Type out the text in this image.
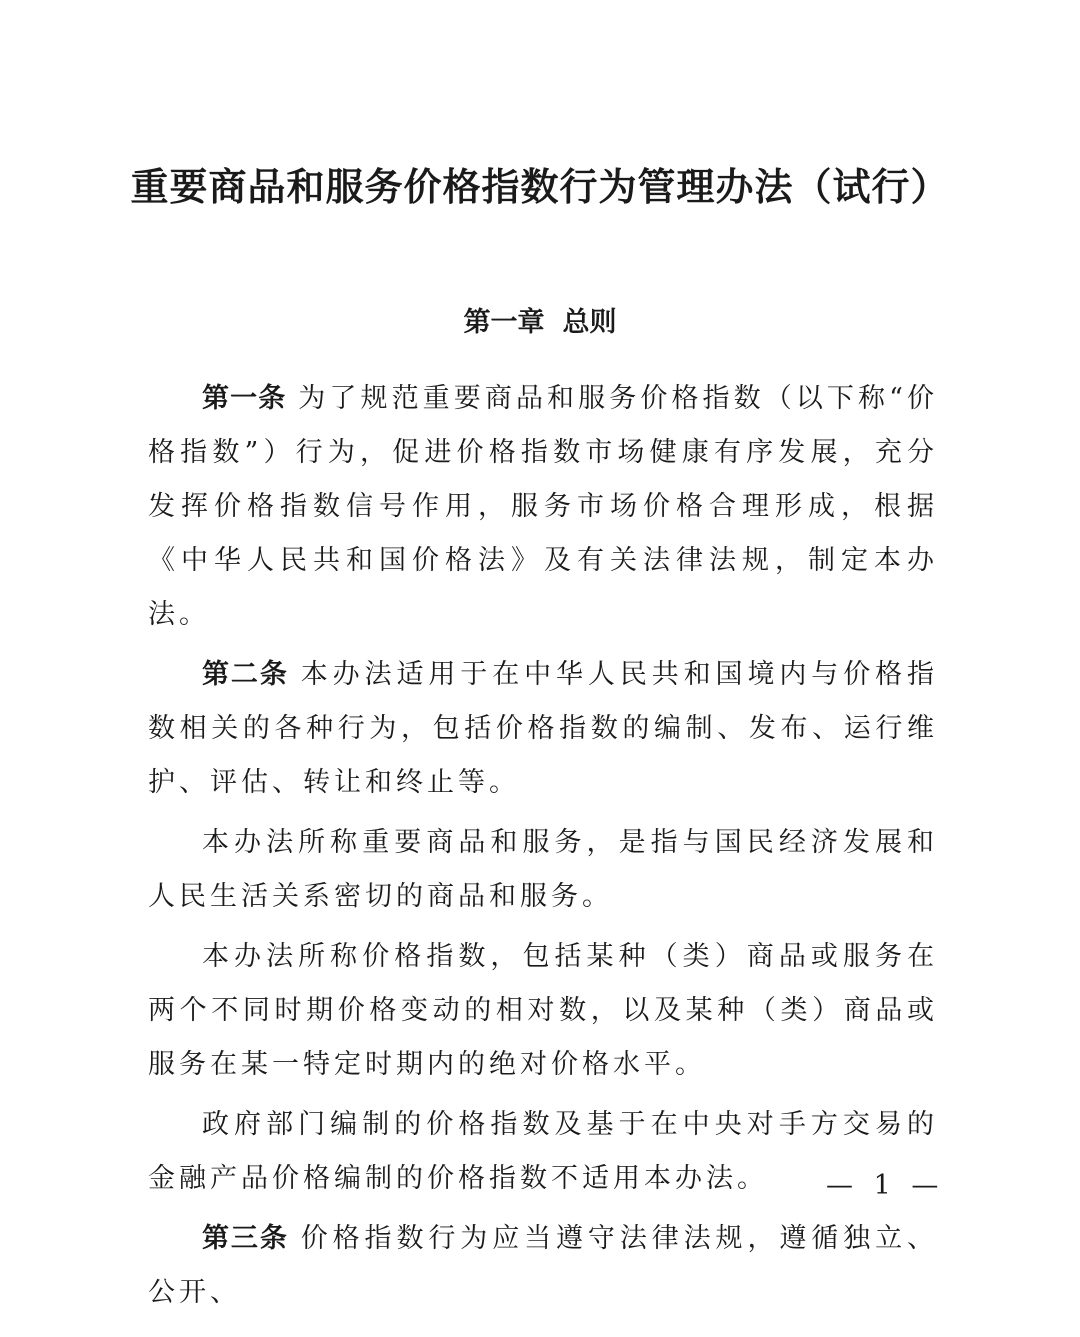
重要商品和服务价格指数行为管理办法（试行）
第一章 总则

第一条 为了规范重要商品和服务价格指数（以下称“价格指数”）行为，促进价格指数市场健康有序发展，充分发挥价格指数信号作用，服务市场价格合理形成，根据《中华人民共和国价格法》及有关法律法规，制定本办法。

第二条 本办法适用于在中华人民共和国境内与价格指数相关的各种行为，包括价格指数的编制、发布、运行维护、评估、转让和终止等。

本办法所称重要商品和服务，是指与国民经济发展和人民生活关系密切的商品和服务。

本办法所称价格指数，包括某种（类）商品或服务在两个不同时期价格变动的相对数，以及某种（类）商品或服务在某一特定时期内的绝对价格水平。

政府部门编制的价格指数及基于在中央对手方交易的金融产品价格编制的价格指数不适用本办法。

第三条 价格指数行为应当遵守法律法规，遵循独立、公开、

— 1 —
